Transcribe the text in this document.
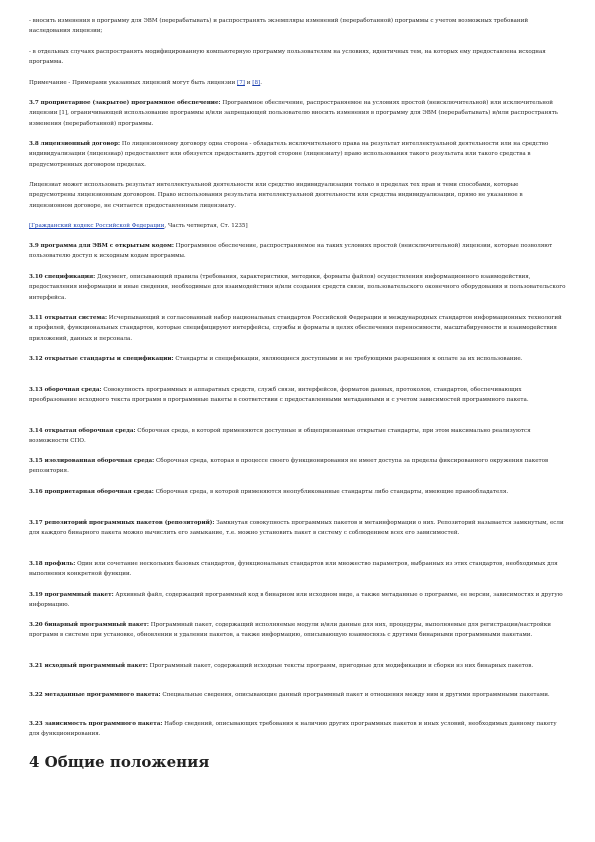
- вносить изменения в программу для ЭВМ (перерабатывать) и распространять экземпляры изменений (переработанной) программы с учетом возможных требований наследования лицензии;

- в отдельных случаях распространять модифицированную компьютерную программу пользователям на условиях, идентичных тем, на которых ему предоставлена исходная программа.

Примечание - Примерами указанных лицензий могут быть лицензии [7] и [8].

3.7 проприетарное (закрытое) программное обеспечение: Программное обеспечение, распространяемое на условиях простой (неисключительной) или исключительной лицензии [1], ограничивающей использование программы и/или запрещающей пользователю вносить изменения в программу для ЭВМ (перерабатывать) и/или распространять изменения (переработанной) программы.

3.8 лицензионный договор: По лицензионному договору одна сторона - обладатель исключительного права на результат интеллектуальной деятельности или на средство индивидуализации (лицензиар) предоставляет или обязуется предоставить другой стороне (лицензиату) право использования такого результата или такого средства в предусмотренных договором пределах.

Лицензиат может использовать результат интеллектуальной деятельности или средство индивидуализации только в пределах тех прав и теми способами, которые предусмотрены лицензионным договором. Право использования результата интеллектуальной деятельности или средства индивидуализации, прямо не указанное в лицензионном договоре, не считается предоставленным лицензиату.

[Гражданский кодекс Российской Федерации, Часть четвертая, Ст. 1235]

3.9 программа для ЭВМ с открытым кодом: Программное обеспечение, распространяемое на таких условиях простой (неисключительной) лицензии, которые позволяют пользователю доступ к исходным кодам программы.

3.10 спецификация: Документ, описывающий правила (требования, характеристики, методики, форматы файлов) осуществления информационного взаимодействия, предоставления информации и иные сведения, необходимые для взаимодействия и/или создания средств связи, пользовательского оконечного оборудования и пользовательского интерфейса.

3.11 открытая система: Исчерпывающий и согласованный набор национальных стандартов Российской Федерации и международных стандартов информационных технологий и профилей, функциональных стандартов, которые специфицируют интерфейсы, службы и форматы в целях обеспечения переносимости, масштабируемости и взаимодействия приложений, данных и персонала.

3.12 открытые стандарты и спецификации: Стандарты и спецификации, являющиеся доступными и не требующими разрешения к оплате за их использование.

3.13 оборочная среда: Совокупность программных и аппаратных средств, служб связи, интерфейсов, форматов данных, протоколов, стандартов, обеспечивающих преобразование исходного текста программ в программные пакеты в соответствии с предоставленными метаданными и с учетом зависимостей программного пакета.

3.14 открытая оборочная среда: Сборочная среда, в которой применяются доступные и общепризнанные открытые стандарты, при этом максимально реализуются возможности СПО.

3.15 изолированная оборочная среда: Сборочная среда, которая в процессе своего функционирования не имеет доступа за пределы фиксированного окружения пакетов репозитория.

3.16 проприетарная оборочная среда: Сборочная среда, в которой применяются неопубликованные стандарты либо стандарты, имеющие правообладателя.

3.17 репозиторий программных пакетов (репозиторий): Замкнутая совокупность программных пакетов и метаинформации о них. Репозиторий называется замкнутым, если для каждого бинарного пакета можно вычислить его замыкание, т.е. можно установить пакет в систему с соблюдением всех его зависимостей.

3.18 профиль: Один или сочетание нескольких базовых стандартов, функциональных стандартов или множество параметров, выбранных из этих стандартов, необходимых для выполнения конкретной функции.

3.19 программный пакет: Архивный файл, содержащий программный код в бинарном или исходном виде, а также метаданные о программе, ее версии, зависимостях и другую информацию.

3.20 бинарный программный пакет: Программный пакет, содержащий исполняемые модули и/или данные для них, процедуры, выполняемые для регистрации/настройки программ в системе при установке, обновлении и удалении пакетов, а также информацию, описывающую взаимосвязь с другими бинарными программными пакетами.

3.21 исходный программный пакет: Программный пакет, содержащий исходные тексты программ, пригодные для модификации и сборки из них бинарных пакетов.

3.22 метаданные программного пакета: Специальные сведения, описывающие данный программный пакет и отношения между ним и другими программными пакетами.

3.23 зависимость программного пакета: Набор сведений, описывающих требования к наличию других программных пакетов и иных условий, необходимых данному пакету для функционирования.

4 Общие положения
